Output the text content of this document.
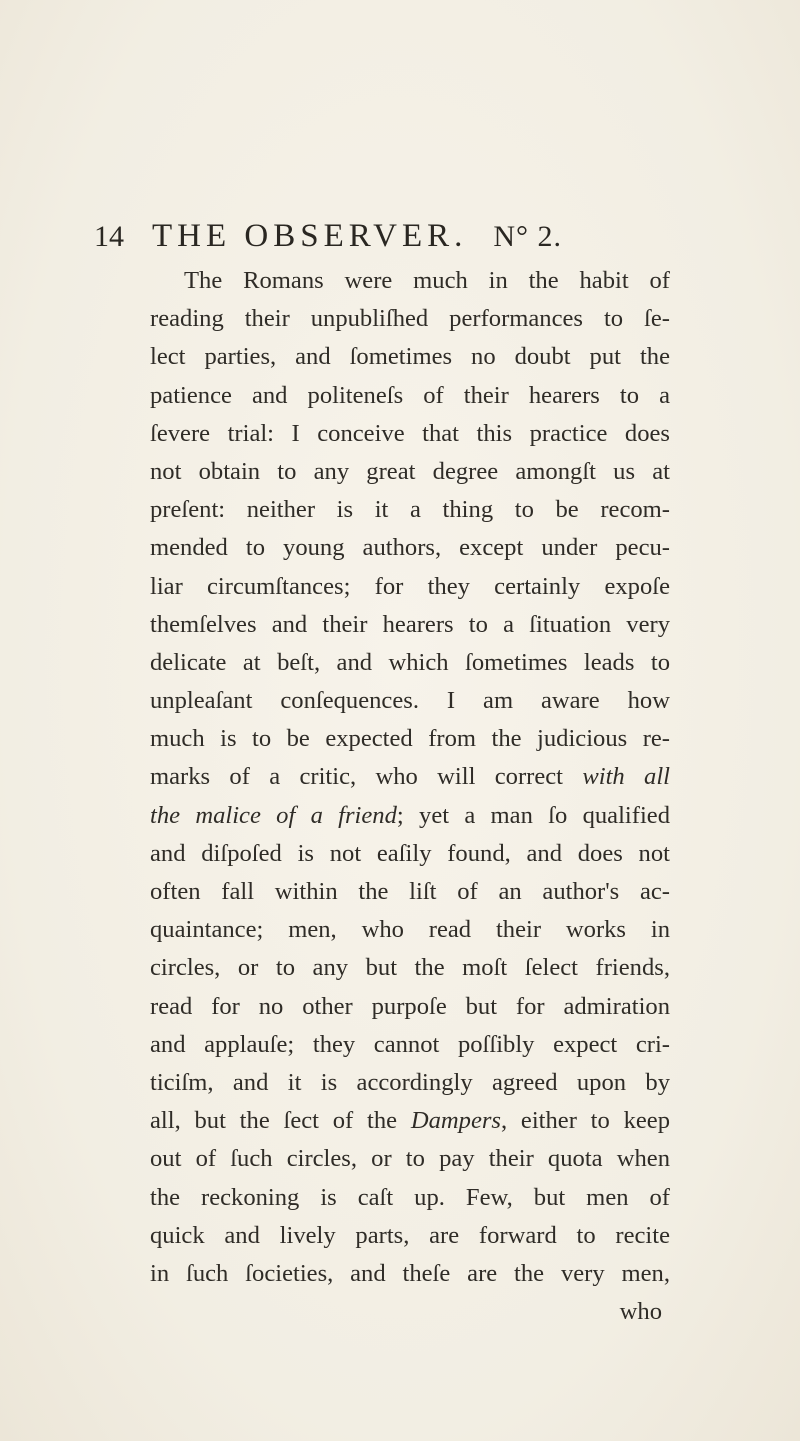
14 THE OBSERVER. N° 2.
The Romans were much in the habit of
reading their unpubliſhed performances to ſe-
lect parties, and ſometimes no doubt put the
patience and politeneſs of their hearers to a
ſevere trial: I conceive that this practice does
not obtain to any great degree amongſt us at
preſent: neither is it a thing to be recom-
mended to young authors, except under pecu-
liar circumſtances; for they certainly expoſe
themſelves and their hearers to a ſituation very
delicate at beſt, and which ſometimes leads to
unpleaſant conſequences. I am aware how
much is to be expected from the judicious re-
marks of a critic, who will correct with all
the malice of a friend; yet a man ſo qualified
and diſpoſed is not eaſily found, and does not
often fall within the liſt of an author's ac-
quaintance; men, who read their works in
circles, or to any but the moſt ſelect friends,
read for no other purpoſe but for admiration
and applauſe; they cannot poſſibly expect cri-
ticiſm, and it is accordingly agreed upon by
all, but the ſect of the Dampers, either to keep
out of ſuch circles, or to pay their quota when
the reckoning is caſt up. Few, but men of
quick and lively parts, are forward to recite
in ſuch ſocieties, and theſe are the very men,
who
